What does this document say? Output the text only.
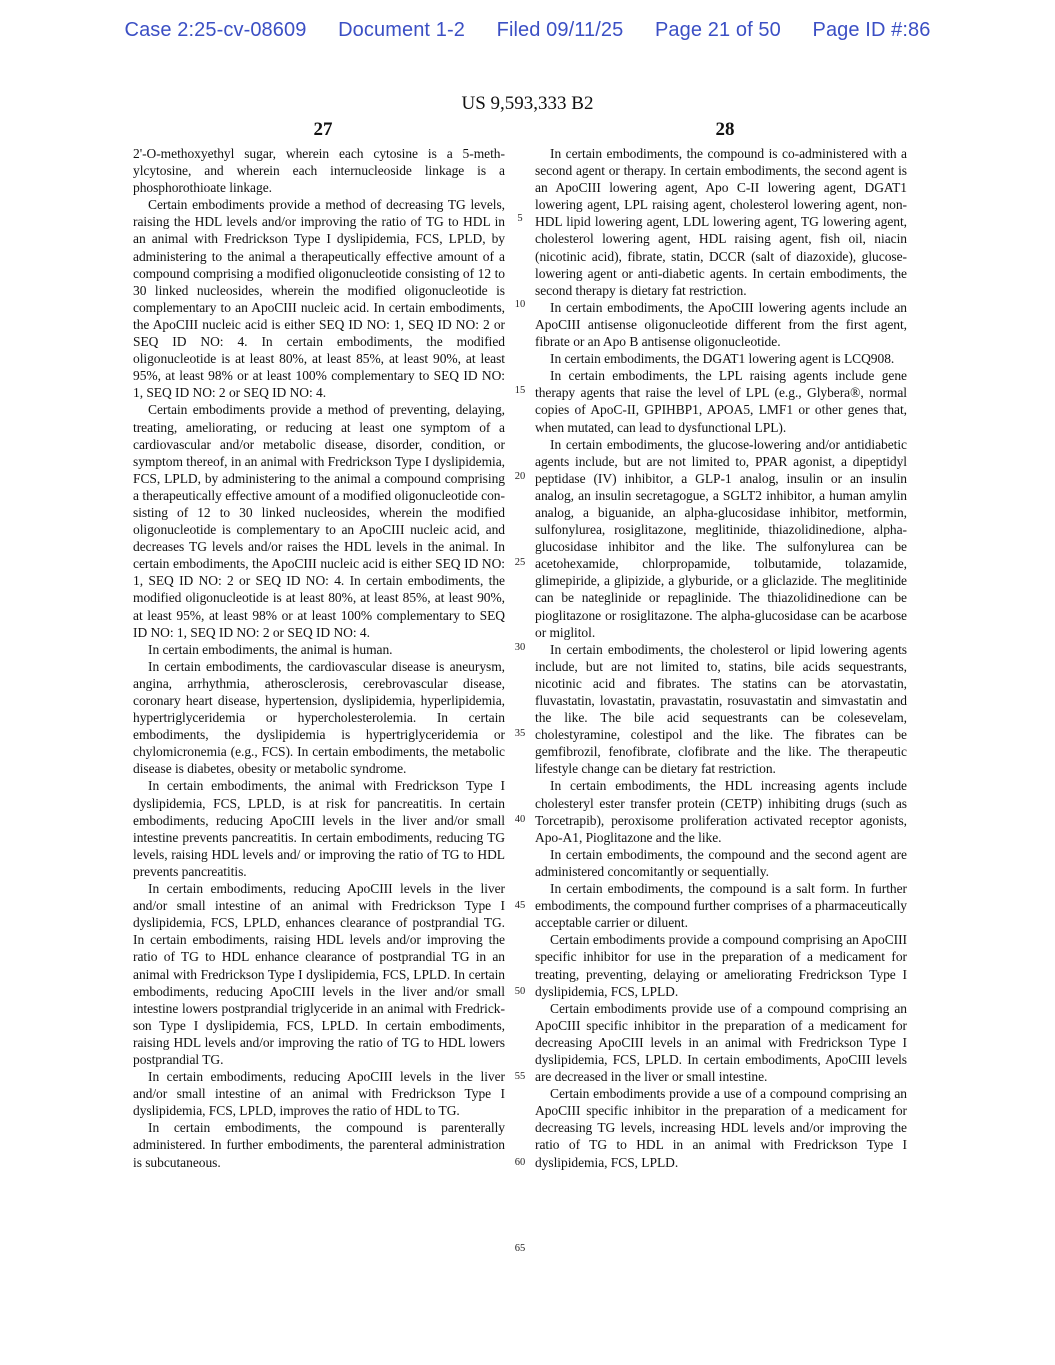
Case 2:25-cv-08609 Document 1-2 Filed 09/11/25 Page 21 of 50 Page ID #:86
US 9,593,333 B2
27	28

2'-O-methoxyethyl sugar, wherein each cytosine is a 5-methylcytosine, and wherein each internucleoside linkage is a phosphorothioate linkage.

Certain embodiments provide a method of decreasing TG levels, raising the HDL levels and/or improving the ratio of TG to HDL in an animal with Fredrickson Type I dyslipidemia, FCS, LPLD, by administering to the animal a therapeutically effective amount of a compound comprising a modified oligonucleotide consisting of 12 to 30 linked nucleosides, wherein the modified oligonucleotide is complementary to an ApoCIII nucleic acid. In certain embodiments, the ApoCIII nucleic acid is either SEQ ID NO: 1, SEQ ID NO: 2 or SEQ ID NO: 4. In certain embodiments, the modified oligonucleotide is at least 80%, at least 85%, at least 90%, at least 95%, at least 98% or at least 100% complementary to SEQ ID NO: 1, SEQ ID NO: 2 or SEQ ID NO: 4.

Certain embodiments provide a method of preventing, delaying, treating, ameliorating, or reducing at least one symptom of a cardiovascular and/or metabolic disease, disorder, condition, or symptom thereof, in an animal with Fredrickson Type I dyslipidemia, FCS, LPLD, by administering to the animal a compound comprising a therapeutically effective amount of a modified oligonucleotide consisting of 12 to 30 linked nucleosides, wherein the modified oligonucleotide is complementary to an ApoCIII nucleic acid, and decreases TG levels and/or raises the HDL levels in the animal. In certain embodiments, the ApoCIII nucleic acid is either SEQ ID NO: 1, SEQ ID NO: 2 or SEQ ID NO: 4. In certain embodiments, the modified oligonucleotide is at least 80%, at least 85%, at least 90%, at least 95%, at least 98% or at least 100% complementary to SEQ ID NO: 1, SEQ ID NO: 2 or SEQ ID NO: 4.

In certain embodiments, the animal is human.

In certain embodiments, the cardiovascular disease is aneurysm, angina, arrhythmia, atherosclerosis, cerebrovascular disease, coronary heart disease, hypertension, dyslipidemia, hyperlipidemia, hypertriglyceridemia or hypercholesterolemia. In certain embodiments, the dyslipidemia is hypertriglyceridemia or chylomicronemia (e.g., FCS). In certain embodiments, the metabolic disease is diabetes, obesity or metabolic syndrome.

In certain embodiments, the animal with Fredrickson Type I dyslipidemia, FCS, LPLD, is at risk for pancreatitis. In certain embodiments, reducing ApoCIII levels in the liver and/or small intestine prevents pancreatitis. In certain embodiments, reducing TG levels, raising HDL levels and/ or improving the ratio of TG to HDL prevents pancreatitis.

In certain embodiments, reducing ApoCIII levels in the liver and/or small intestine of an animal with Fredrickson Type I dyslipidemia, FCS, LPLD, enhances clearance of postprandial TG. In certain embodiments, raising HDL levels and/or improving the ratio of TG to HDL enhance clearance of postprandial TG in an animal with Fredrickson Type I dyslipidemia, FCS, LPLD. In certain embodiments, reducing ApoCIII levels in the liver and/or small intestine lowers postprandial triglyceride in an animal with Fredrickson Type I dyslipidemia, FCS, LPLD. In certain embodiments, raising HDL levels and/or improving the ratio of TG to HDL lowers postprandial TG.

In certain embodiments, reducing ApoCIII levels in the liver and/or small intestine of an animal with Fredrickson Type I dyslipidemia, FCS, LPLD, improves the ratio of HDL to TG.

In certain embodiments, the compound is parenterally administered. In further embodiments, the parenteral administration is subcutaneous.

5
10
15
20
25
30
35
40
45
50
55
60
65

In certain embodiments, the compound is co-administered with a second agent or therapy. In certain embodiments, the second agent is an ApoCIII lowering agent, Apo C-II lowering agent, DGAT1 lowering agent, LPL raising agent, cholesterol lowering agent, non-HDL lipid lowering agent, LDL lowering agent, TG lowering agent, cholesterol lowering agent, HDL raising agent, fish oil, niacin (nicotinic acid), fibrate, statin, DCCR (salt of diazoxide), glucose-lowering agent or anti-diabetic agents. In certain embodiments, the second therapy is dietary fat restriction.

In certain embodiments, the ApoCIII lowering agents include an ApoCIII antisense oligonucleotide different from the first agent, fibrate or an Apo B antisense oligonucleotide.

In certain embodiments, the DGAT1 lowering agent is LCQ908.

In certain embodiments, the LPL raising agents include gene therapy agents that raise the level of LPL (e.g., Glybera®, normal copies of ApoC-II, GPIHBP1, APOA5, LMF1 or other genes that, when mutated, can lead to dysfunctional LPL).

In certain embodiments, the glucose-lowering and/or antidiabetic agents include, but are not limited to, PPAR agonist, a dipeptidyl peptidase (IV) inhibitor, a GLP-1 analog, insulin or an insulin analog, an insulin secretagogue, a SGLT2 inhibitor, a human amylin analog, a biguanide, an alpha-glucosidase inhibitor, metformin, sulfonylurea, rosiglitazone, meglitinide, thiazolidinedione, alpha-glucosidase inhibitor and the like. The sulfonylurea can be acetohexamide, chlorpropamide, tolbutamide, tolazamide, glimepiride, a glipizide, a glyburide, or a gliclazide. The meglitinide can be nateglinide or repaglinide. The thiazolidinedione can be pioglitazone or rosiglitazone. The alpha-glucosidase can be acarbose or miglitol.

In certain embodiments, the cholesterol or lipid lowering agents include, but are not limited to, statins, bile acids sequestrants, nicotinic acid and fibrates. The statins can be atorvastatin, fluvastatin, lovastatin, pravastatin, rosuvastatin and simvastatin and the like. The bile acid sequestrants can be colesevelam, cholestyramine, colestipol and the like. The fibrates can be gemfibrozil, fenofibrate, clofibrate and the like. The therapeutic lifestyle change can be dietary fat restriction.

In certain embodiments, the HDL increasing agents include cholesteryl ester transfer protein (CETP) inhibiting drugs (such as Torcetrapib), peroxisome proliferation activated receptor agonists, Apo-A1, Pioglitazone and the like.

In certain embodiments, the compound and the second agent are administered concomitantly or sequentially.

In certain embodiments, the compound is a salt form. In further embodiments, the compound further comprises of a pharmaceutically acceptable carrier or diluent.

Certain embodiments provide a compound comprising an ApoCIII specific inhibitor for use in the preparation of a medicament for treating, preventing, delaying or ameliorating Fredrickson Type I dyslipidemia, FCS, LPLD.

Certain embodiments provide use of a compound comprising an ApoCIII specific inhibitor in the preparation of a medicament for decreasing ApoCIII levels in an animal with Fredrickson Type I dyslipidemia, FCS, LPLD. In certain embodiments, ApoCIII levels are decreased in the liver or small intestine.

Certain embodiments provide a use of a compound comprising an ApoCIII specific inhibitor in the preparation of a medicament for decreasing TG levels, increasing HDL levels and/or improving the ratio of TG to HDL in an animal with Fredrickson Type I dyslipidemia, FCS, LPLD.
